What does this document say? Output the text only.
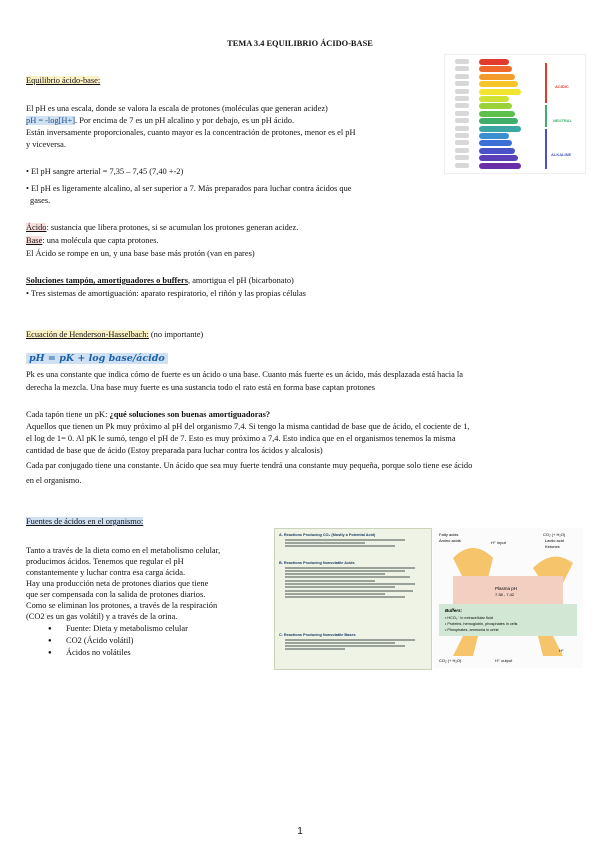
TEMA 3.4 EQUILIBRIO ÁCIDO-BASE
Equilibrio ácido-base:
El pH es una escala, donde se valora la escala de protones (moléculas que generan acidez)
pH = -log[H+]. Por encima de 7 es un pH alcalino y por debajo, es un pH ácido.
Están inversamente proporcionales, cuanto mayor es la concentración de protones, menor es el pH
y viceversa.
• El pH sangre arterial = 7,35 – 7,45 (7,40 +-2)
• El pH es ligeramente alcalino, al ser superior a 7. Más preparados para luchar contra ácidos que
gases.
Ácido: sustancia que libera protones, si se acumulan los protones generan acidez.
Base: una molécula que capta protones.
El Ácido se rompe en un, y una base base más protón (van en pares)
Soluciones tampón, amortiguadores o buffers, amortigua el pH (bicarbonato)
• Tres sistemas de amortiguación: aparato respiratorio, el riñón y las propias células
ACIDIC
NEUTRAL
ALKALINE
Ecuación de Henderson-Hasselbach: (no importante)
pH = pK + log base/ácido
Pk es una constante que indica cómo de fuerte es un ácido o una base. Cuanto más fuerte es un ácido, más desplazada está hacia la
derecha la mezcla. Una base muy fuerte es una sustancia todo el rato está en forma base captan protones
Cada tapón tiene un pK: ¿qué soluciones son buenas amortiguadoras?
Aquellos que tienen un Pk muy próximo al pH del organismo 7,4. Si tengo la misma cantidad de base que de ácido, el cociente de 1,
el log de 1= 0. Al pK le sumó, tengo el pH de 7. Esto es muy próximo a 7,4. Esto indica que en el organismos tenemos la misma
cantidad de base que de ácido (Estoy preparada para luchar contra los ácidos y alcalosis)
Cada par conjugado tiene una constante. Un ácido que sea muy fuerte tendrá una constante muy pequeña, porque solo tiene ese ácido
en el organismo.
Fuentes de ácidos en el organismo:
Tanto a través de la dieta como en el metabolismo celular,
producimos ácidos. Tenemos que regular el pH
constantemente y luchar contra esa carga ácida.
Hay una producción neta de protones diarios que tiene
que ser compensada con la salida de protones diarios.
Como se eliminan los protones, a través de la respiración
(CO2 es un gas volátil) y a través de la orina.
● Fuente: Dieta y metabolismo celular
● CO2 (Ácido volátil)
● Ácidos no volátiles
A. Reactions Producing CO₂ (Mostly a Potential Acid)
B. Reactions Producing Nonvolatile Acids
C. Reactions Producing Nonvolatile Bases
Fatty acids
Amino acids	H⁺ input
CO₂ (+ H₂O)
Lactic acid
Ketones
Plasma pH
7.38 - 7.42
Buffers:
• HCO₃⁻ in extracellular fluid
• Proteins, hemoglobin, phosphates in cells
• Phosphates, ammonia in urine
CO₂ (+ H₂O)	H⁺ output
H⁺
1
